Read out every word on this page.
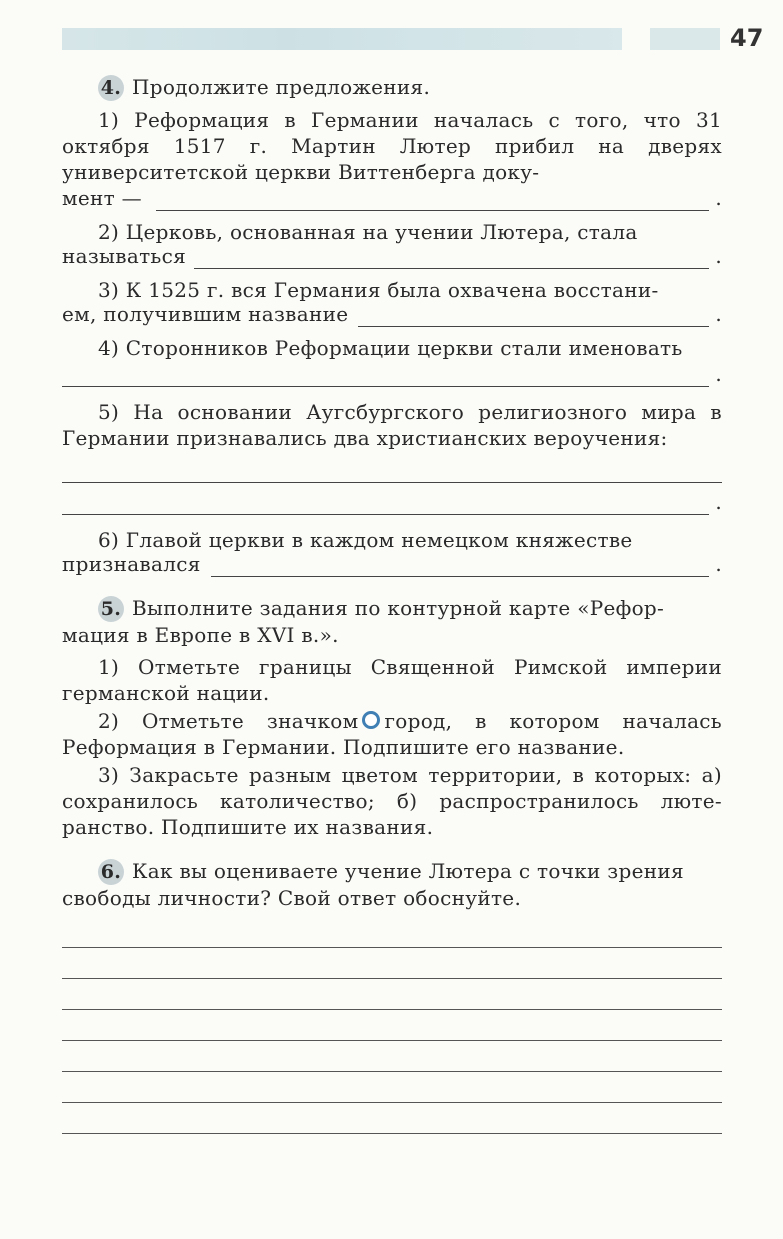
47

4. Продолжите предложения.

1) Реформация в Германии началась с того, что 31 октября 1517 г. Мартин Лютер прибил на дверях университетской церкви Виттенберга доку-
мент —	.
2) Церковь, основанная на учении Лютера, стала
называться	.
3) К 1525 г. вся Германия была охвачена восстани-
ем, получившим название	.
4) Сторонников Реформации церкви стали именовать
.
5) На основании Аугсбургского религиозного мира в Германии признавались два христианских вероучения:
.
6) Главой церкви в каждом немецком княжестве
признавался	.

5. Выполните задания по контурной карте «Рефор-

мация в Европе в XVI в.».

1) Отметьте границы Священной Римской империи германской нации.
2) Отметьте значком город, в котором началась Реформация в Германии. Подпишите его название.
3) Закрасьте разным цветом территории, в которых: а) сохранилось католичество; б) распространилось люте- ранство. Подпишите их названия.

6. Как вы оцениваете учение Лютера с точки зрения

свободы личности? Свой ответ обоснуйте.
